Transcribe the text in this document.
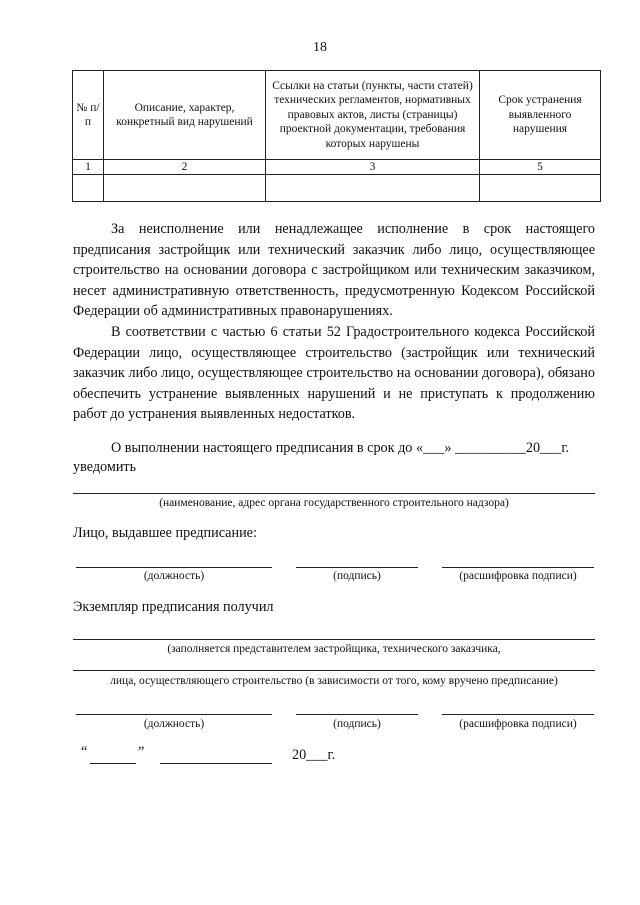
18
№ п/п	Описание, характер, конкретный вид нарушений	Ссылки на статьи (пункты, части статей) технических регламентов, нормативных правовых актов, листы (страницы) проектной документации, требования которых нарушены	Срок устранения выявленного нарушения
1	2	3	5

За неисполнение или ненадлежащее исполнение в срок настоящего предписания застройщик или технический заказчик либо лицо, осуществляющее строительство на основании договора с застройщиком или техническим заказчиком, несет административную ответственность, предусмотренную Кодексом Российской Федерации об административных правонарушениях.
В соответствии с частью 6 статьи 52 Градостроительного кодекса Российской Федерации лицо, осуществляющее строительство (застройщик или технический заказчик либо лицо, осуществляющее строительство на основании договора), обязано обеспечить устранение выявленных нарушений и не приступать к продолжению работ до устранения выявленных недостатков.
О выполнении настоящего предписания в срок до «___» __________20___г.
уведомить
(наименование, адрес органа государственного строительного надзора)
Лицо, выдавшее предписание:
(должность)	(подпись)	(расшифровка подписи)
Экземпляр предписания получил
(заполняется представителем застройщика, технического заказчика,
лица, осуществляющего строительство (в зависимости от того, кому вручено предписание)
(должность)	(подпись)	(расшифровка подписи)
“	”	20___г.
